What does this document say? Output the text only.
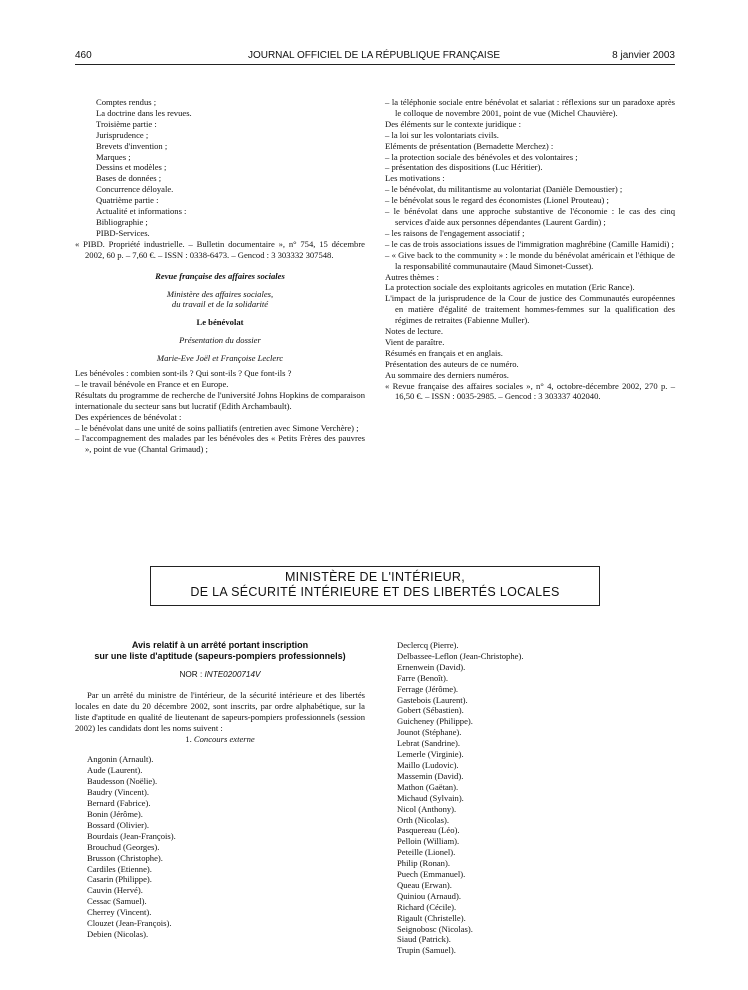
460	JOURNAL OFFICIEL DE LA RÉPUBLIQUE FRANÇAISE	8 janvier 2003

Comptes rendus ;

La doctrine dans les revues.

Troisième partie :

Jurisprudence ;

Brevets d'invention ;

Marques ;

Dessins et modèles ;

Bases de données ;

Concurrence déloyale.

Quatrième partie :

Actualité et informations :

Bibliographie ;

PIBD-Services.

« PIBD. Propriété industrielle. – Bulletin documentaire », n° 754, 15 décembre 2002, 60 p. – 7,60 €. – ISSN : 0338-6473. – Gencod : 3 303332 307548.

Revue française des affaires sociales

Ministère des affaires sociales,

du travail et de la solidarité

Le bénévolat

Présentation du dossier

Marie-Eve Joël et Françoise Leclerc

Les bénévoles : combien sont-ils ? Qui sont-ils ? Que font-ils ?

– le travail bénévole en France et en Europe.

Résultats du programme de recherche de l'université Johns Hopkins de comparaison internationale du secteur sans but lucratif (Edith Archambault).

Des expériences de bénévolat :

– le bénévolat dans une unité de soins palliatifs (entretien avec Simone Verchère) ;

– l'accompagnement des malades par les bénévoles des « Petits Frères des pauvres », point de vue (Chantal Grimaud) ;

– la téléphonie sociale entre bénévolat et salariat : réflexions sur un paradoxe après le colloque de novembre 2001, point de vue (Michel Chauvière).

Des éléments sur le contexte juridique :

– la loi sur les volontariats civils.

Eléments de présentation (Bernadette Merchez) :

– la protection sociale des bénévoles et des volontaires ;

– présentation des dispositions (Luc Héritier).

Les motivations :

– le bénévolat, du militantisme au volontariat (Danièle Demoustier) ;

– le bénévolat sous le regard des économistes (Lionel Prouteau) ;

– le bénévolat dans une approche substantive de l'économie : le cas des cinq services d'aide aux personnes dépendantes (Laurent Gardin) ;

– les raisons de l'engagement associatif ;

– le cas de trois associations issues de l'immigration maghrébine (Camille Hamidi) ;

– « Give back to the community » : le monde du bénévolat américain et l'éthique de la responsabilité communautaire (Maud Simonet-Cusset).

Autres thèmes :

La protection sociale des exploitants agricoles en mutation (Eric Rance).

L'impact de la jurisprudence de la Cour de justice des Communautés européennes en matière d'égalité de traitement hommes-femmes sur la qualification des régimes de retraites (Fabienne Muller).

Notes de lecture.

Vient de paraître.

Résumés en français et en anglais.

Présentation des auteurs de ce numéro.

Au sommaire des derniers numéros.

« Revue française des affaires sociales », n° 4, octobre-décembre 2002, 270 p. – 16,50 €. – ISSN : 0035-2985. – Gencod : 3 303337 402040.

MINISTÈRE DE L'INTÉRIEUR,
DE LA SÉCURITÉ INTÉRIEURE ET DES LIBERTÉS LOCALES

Avis relatif à un arrêté portant inscription

sur une liste d'aptitude (sapeurs-pompiers professionnels)

NOR : INTE0200714V

Par un arrêté du ministre de l'intérieur, de la sécurité intérieure et des libertés locales en date du 20 décembre 2002, sont inscrits, par ordre alphabétique, sur la liste d'aptitude en qualité de lieutenant de sapeurs-pompiers professionnels (session 2002) les candidats dont les noms suivent :

1. Concours externe

Angonin (Arnault).

Aude (Laurent).

Baudesson (Noëlie).

Baudry (Vincent).

Bernard (Fabrice).

Bonin (Jérôme).

Bossard (Olivier).

Bourdais (Jean-François).

Brouchud (Georges).

Brusson (Christophe).

Cardiles (Etienne).

Casarin (Philippe).

Cauvin (Hervé).

Cessac (Samuel).

Cherrey (Vincent).

Clouzet (Jean-François).

Debien (Nicolas).

Declercq (Pierre).

Delbassee-Leflon (Jean-Christophe).

Ernenwein (David).

Farre (Benoît).

Ferrage (Jérôme).

Gastebois (Laurent).

Gobert (Sébastien).

Guicheney (Philippe).

Jounot (Stéphane).

Lebrat (Sandrine).

Lemerle (Virginie).

Maillo (Ludovic).

Massemin (David).

Mathon (Gaëtan).

Michaud (Sylvain).

Nicol (Anthony).

Orth (Nicolas).

Pasquereau (Léo).

Pelloin (William).

Peteille (Lionel).

Philip (Ronan).

Puech (Emmanuel).

Queau (Erwan).

Quiniou (Arnaud).

Richard (Cécile).

Rigault (Christelle).

Seignobosc (Nicolas).

Siaud (Patrick).

Trupin (Samuel).
